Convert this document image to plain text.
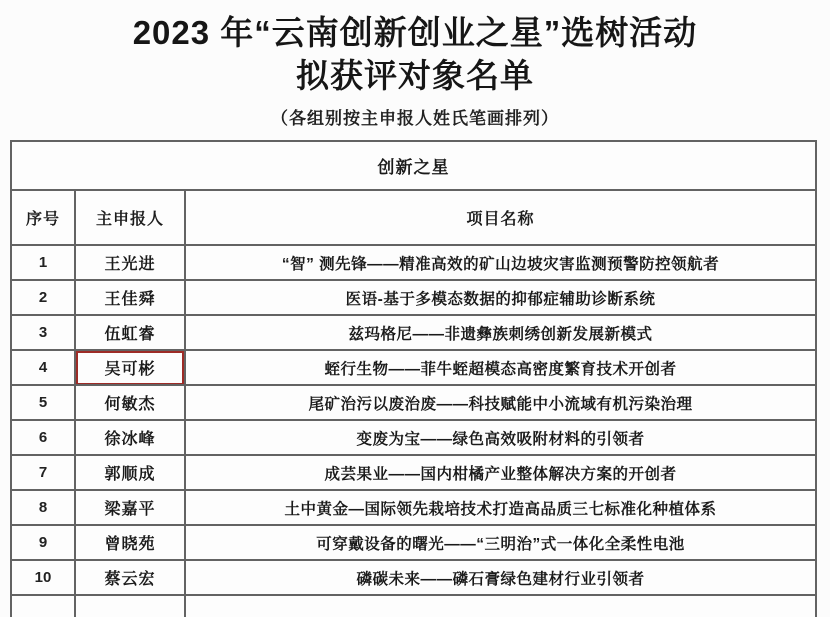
2023 年“云南创新创业之星”选树活动
拟获评对象名单
（各组别按主申报人姓氏笔画排列）
创新之星		
序号	主申报人	项目名称
1	王光进	“智” 测先锋——精准高效的矿山边坡灾害监测预警防控领航者
2	王佳舜	医语-基于多模态数据的抑郁症辅助诊断系统
3	伍虹睿	兹玛格尼——非遗彝族刺绣创新发展新模式
4	吴可彬	蛭行生物——菲牛蛭超模态高密度繁育技术开创者
5	何敏杰	尾矿治污以废治废——科技赋能中小流域有机污染治理
6	徐冰峰	变废为宝——绿色高效吸附材料的引领者
7	郭顺成	成芸果业——国内柑橘产业整体解决方案的开创者
8	梁嘉平	土中黄金—国际领先栽培技术打造高品质三七标准化种植体系
9	曾晓苑	可穿戴设备的曙光——“三明治”式一体化全柔性电池
10	蔡云宏	磷碳未来——磷石膏绿色建材行业引领者
